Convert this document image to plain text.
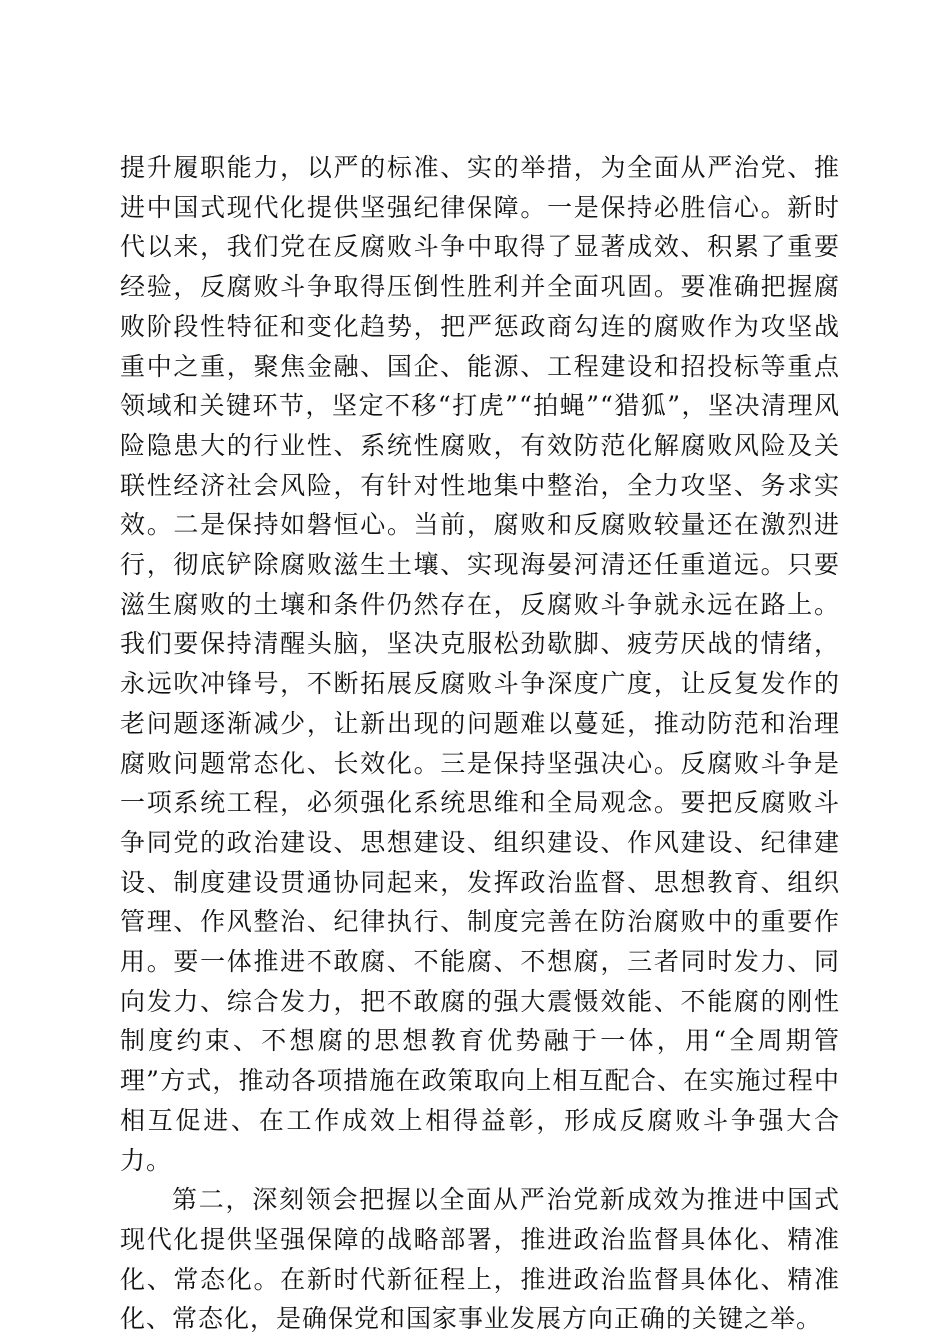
提升履职能力，以严的标准、实的举措，为全面从严治党、推进中国式现代化提供坚强纪律保障。一是保持必胜信心。新时代以来，我们党在反腐败斗争中取得了显著成效、积累了重要经验，反腐败斗争取得压倒性胜利并全面巩固。要准确把握腐败阶段性特征和变化趋势，把严惩政商勾连的腐败作为攻坚战重中之重，聚焦金融、国企、能源、工程建设和招投标等重点领域和关键环节，坚定不移“打虎”“拍蝇”“猎狐”，坚决清理风险隐患大的行业性、系统性腐败，有效防范化解腐败风险及关联性经济社会风险，有针对性地集中整治，全力攻坚、务求实效。二是保持如磐恒心。当前，腐败和反腐败较量还在激烈进行，彻底铲除腐败滋生土壤、实现海晏河清还任重道远。只要滋生腐败的土壤和条件仍然存在，反腐败斗争就永远在路上。我们要保持清醒头脑，坚决克服松劲歇脚、疲劳厌战的情绪，永远吹冲锋号，不断拓展反腐败斗争深度广度，让反复发作的老问题逐渐减少，让新出现的问题难以蔓延，推动防范和治理腐败问题常态化、长效化。三是保持坚强决心。反腐败斗争是一项系统工程，必须强化系统思维和全局观念。要把反腐败斗争同党的政治建设、思想建设、组织建设、作风建设、纪律建设、制度建设贯通协同起来，发挥政治监督、思想教育、组织管理、作风整治、纪律执行、制度完善在防治腐败中的重要作用。要一体推进不敢腐、不能腐、不想腐，三者同时发力、同向发力、综合发力，把不敢腐的强大震慑效能、不能腐的刚性制度约束、不想腐的思想教育优势融于一体，用“全周期管理”方式，推动各项措施在政策取向上相互配合、在实施过程中相互促进、在工作成效上相得益彰，形成反腐败斗争强大合力。

第二，深刻领会把握以全面从严治党新成效为推进中国式现代化提供坚强保障的战略部署，推进政治监督具体化、精准化、常态化。在新时代新征程上，推进政治监督具体化、精准化、常态化，是确保党和国家事业发展方向正确的关键之举。
